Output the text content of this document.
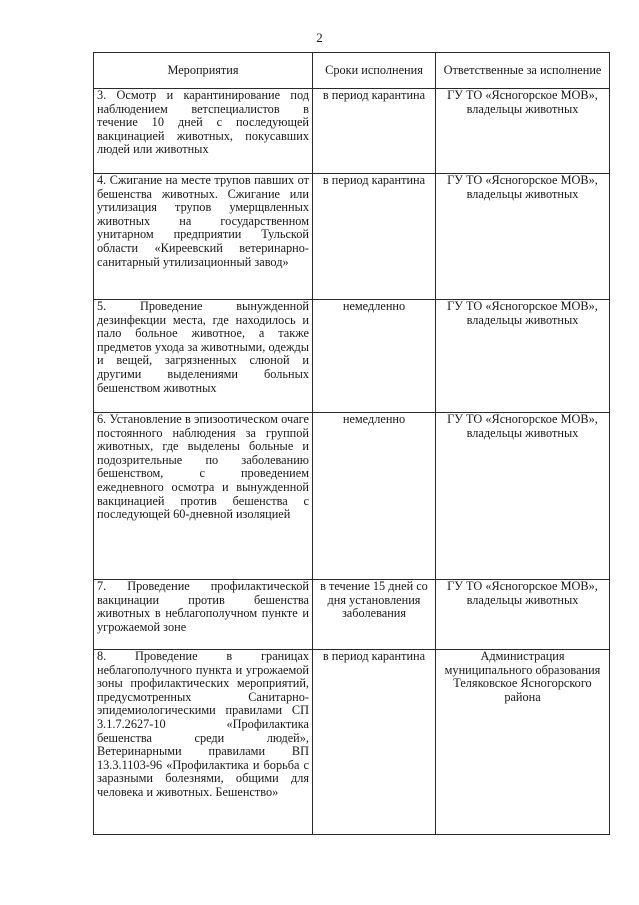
2
Мероприятия	Сроки исполнения	Ответственные за исполнение
3. Осмотр и карантинирование под наблюдением ветспециалистов в течение 10 дней с последующей вакцинацией животных, покусавших людей или животных	в период карантина	ГУ ТО «Ясногорское МОВ», владельцы животных
4. Сжигание на месте трупов павших от бешенства животных. Сжигание или утилизация трупов умерщвленных животных на государственном унитарном предприятии Тульской области «Киреевский ветеринарно-санитарный утилизационный завод»	в период карантина	ГУ ТО «Ясногорское МОВ», владельцы животных
5. Проведение вынужденной дезинфекции места, где находилось и пало больное животное, а также предметов ухода за животными, одежды и вещей, загрязненных слюной и другими выделениями больных бешенством животных	немедленно	ГУ ТО «Ясногорское МОВ», владельцы животных
6. Установление в эпизоотическом очаге постоянного наблюдения за группой животных, где выделены больные и подозрительные по заболеванию бешенством, с проведением ежедневного осмотра и вынужденной вакцинацией против бешенства с последующей 60-дневной изоляцией	немедленно	ГУ ТО «Ясногорское МОВ», владельцы животных
7. Проведение профилактической вакцинации против бешенства животных в неблагополучном пункте и угрожаемой зоне	в течение 15 дней со дня установления заболевания	ГУ ТО «Ясногорское МОВ», владельцы животных
8. Проведение в границах неблагополучного пункта и угрожаемой зоны профилактических мероприятий, предусмотренных Санитарно-эпидемиологическими правилами СП 3.1.7.2627-10 «Профилактика бешенства среди людей», Ветеринарными правилами ВП 13.3.1103-96 «Профилактика и борьба с заразными болезнями, общими для человека и животных. Бешенство»	в период карантина	Администрация муниципального образования Теляковское Ясногорского района
